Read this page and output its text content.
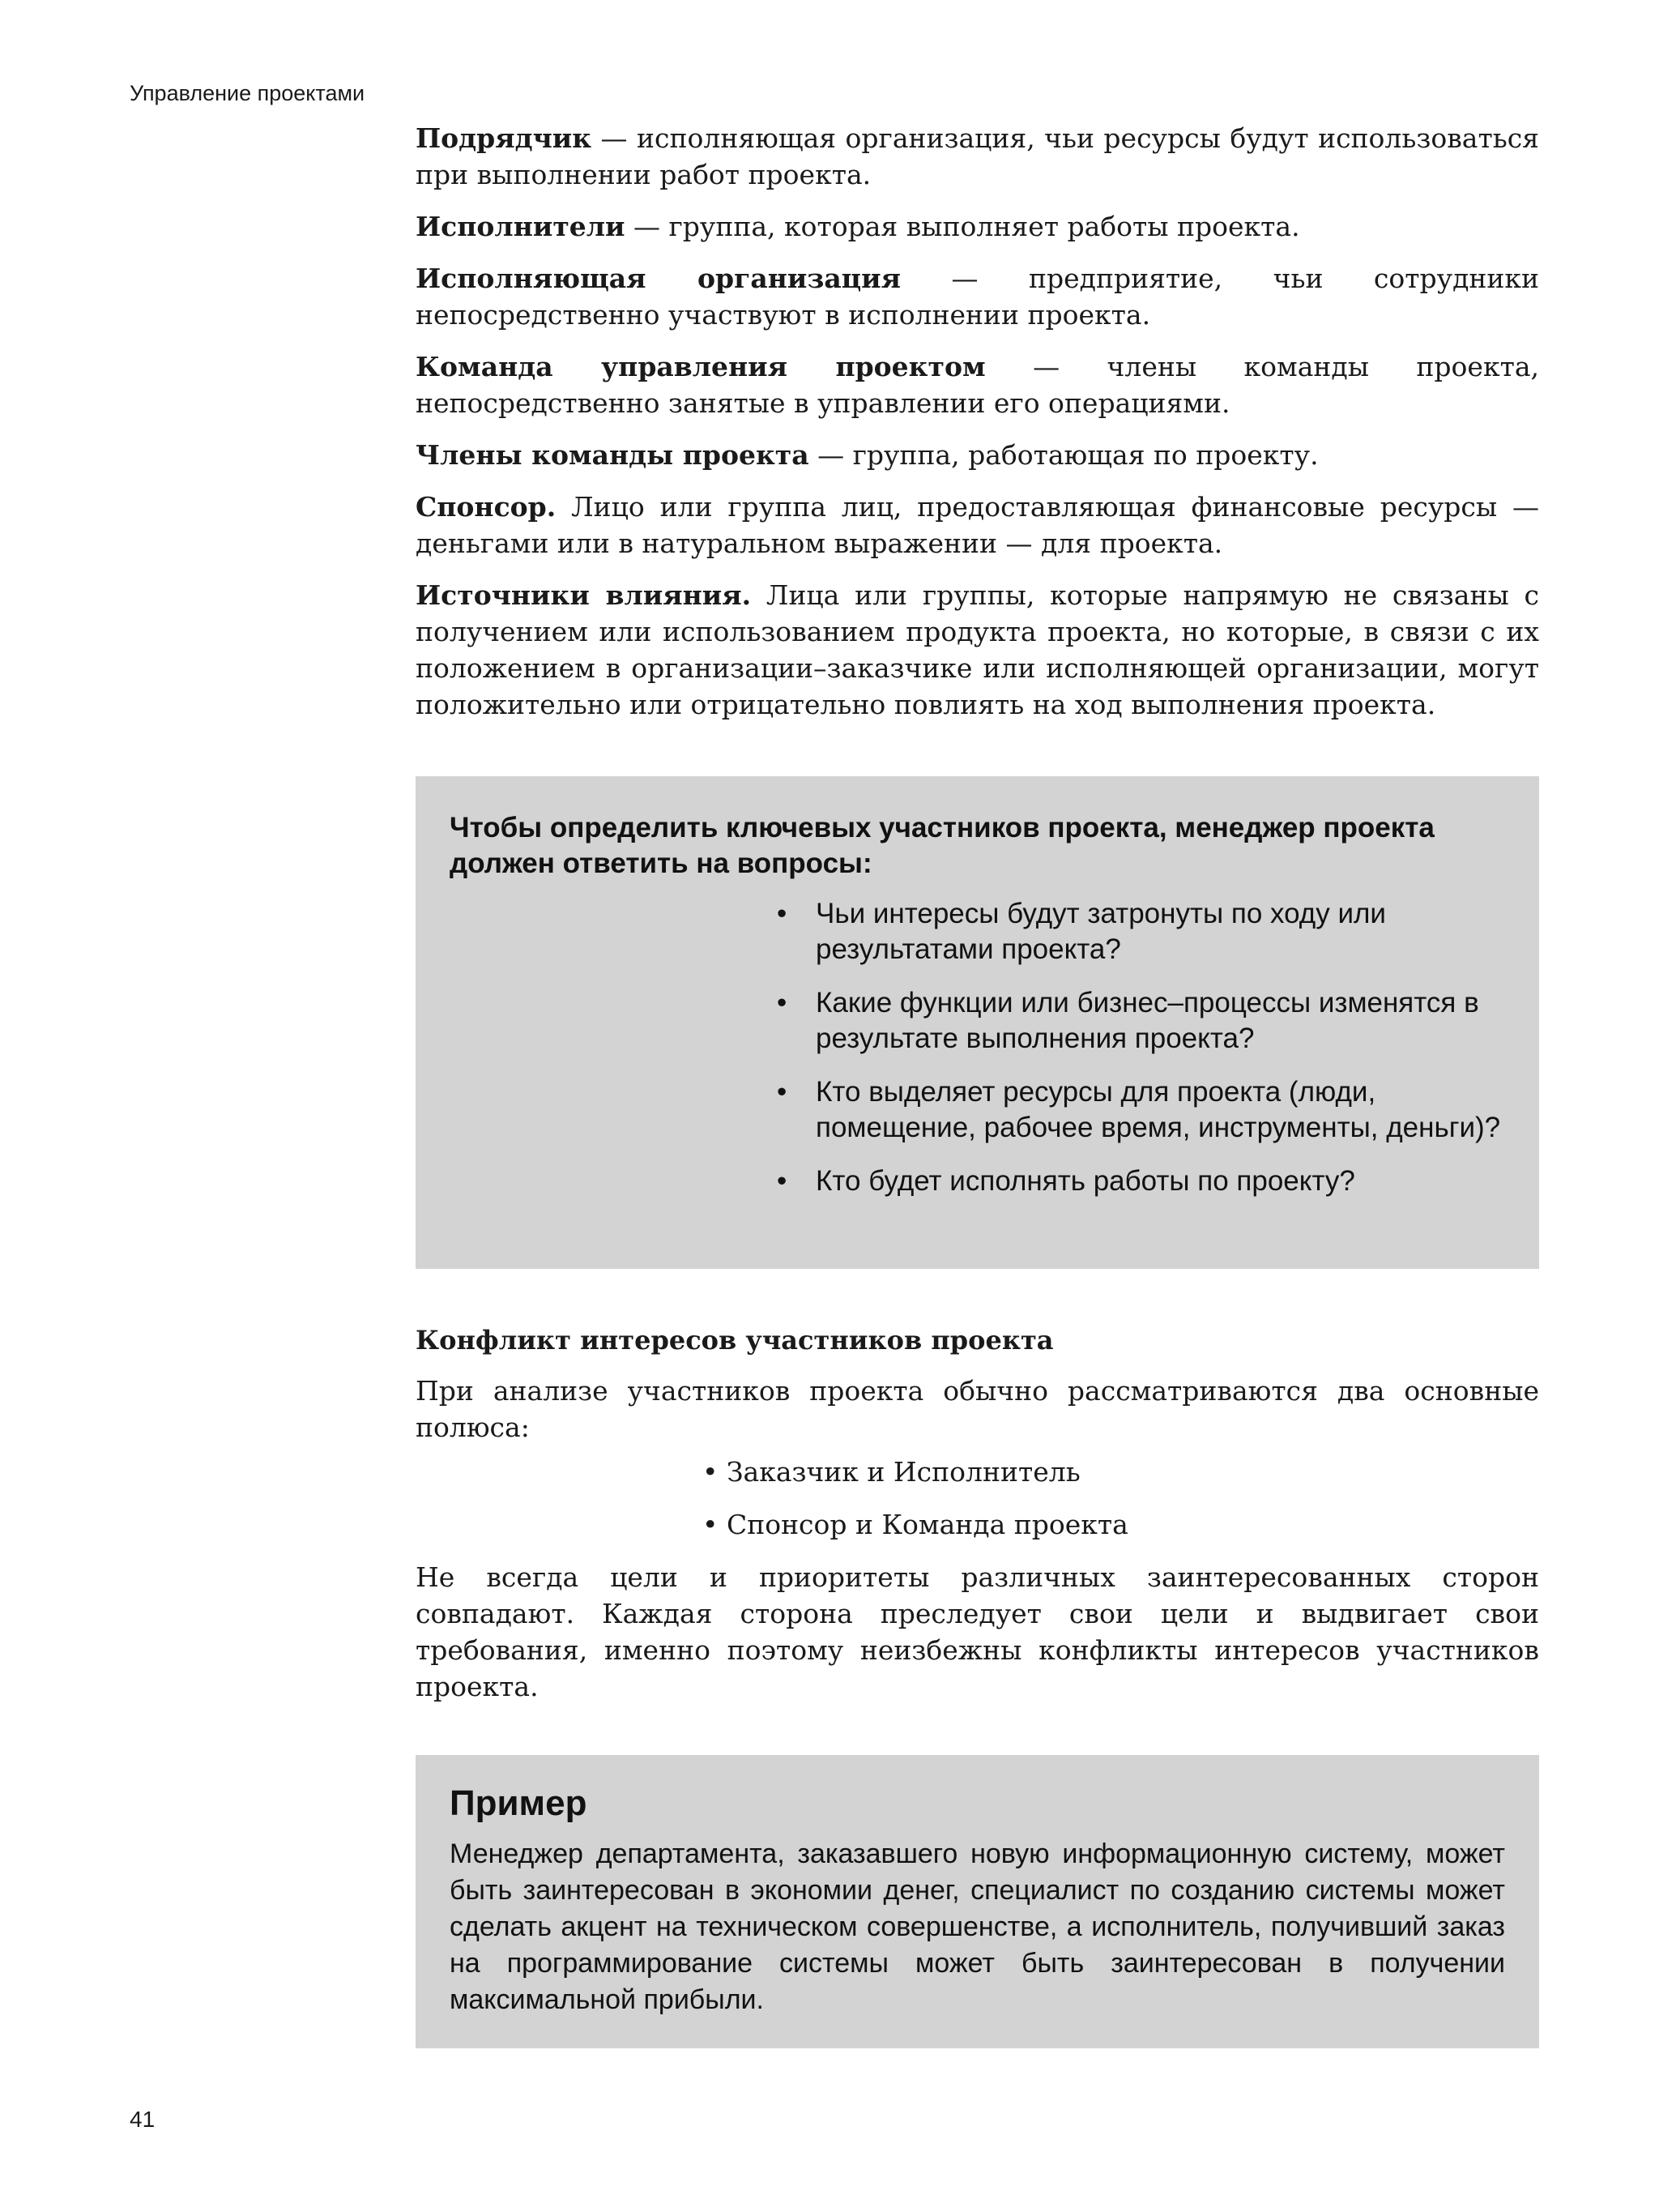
Управление проектами

Подрядчик — исполняющая организация, чьи ресурсы будут использоваться при выполнении работ проекта.

Исполнители — группа, которая выполняет работы проекта.

Исполняющая организация — предприятие, чьи сотрудники непосредственно участвуют в исполнении проекта.

Команда управления проектом — члены команды проекта, непосредственно занятые в управлении его операциями.

Члены команды проекта — группа, работающая по проекту.

Спонсор. Лицо или группа лиц, предоставляющая финансовые ресурсы — деньгами или в натуральном выражении — для проекта.

Источники влияния. Лица или группы, которые напрямую не связаны с получением или использованием продукта проекта, но которые, в связи с их положением в организации–заказчике или исполняющей организации, могут положительно или отрицательно повлиять на ход выполнения проекта.

Чтобы определить ключевых участников проекта, менеджер проекта должен ответить на вопросы:

• Чьи интересы будут затронуты по ходу или результатами проекта?
• Какие функции или бизнес–процессы изменятся в результате выполнения проекта?
• Кто выделяет ресурсы для проекта (люди, помещение, рабочее время, инструменты, деньги)?
• Кто будет исполнять работы по проекту?
Конфликт интересов участников проекта

При анализе участников проекта обычно рассматриваются два основные полюса:

• Заказчик и Исполнитель
• Спонсор и Команда проекта

Не всегда цели и приоритеты различных заинтересованных сторон совпадают. Каждая сторона преследует свои цели и выдвигает свои требования, именно поэтому неизбежны конфликты интересов участников проекта.

Пример

Менеджер департамента, заказавшего новую информационную систему, может быть заинтересован в экономии денег, специалист по созданию системы может сделать акцент на техническом совершенстве, а исполнитель, получивший заказ на программирование системы может быть заинтересован в получении максимальной прибыли.

41
